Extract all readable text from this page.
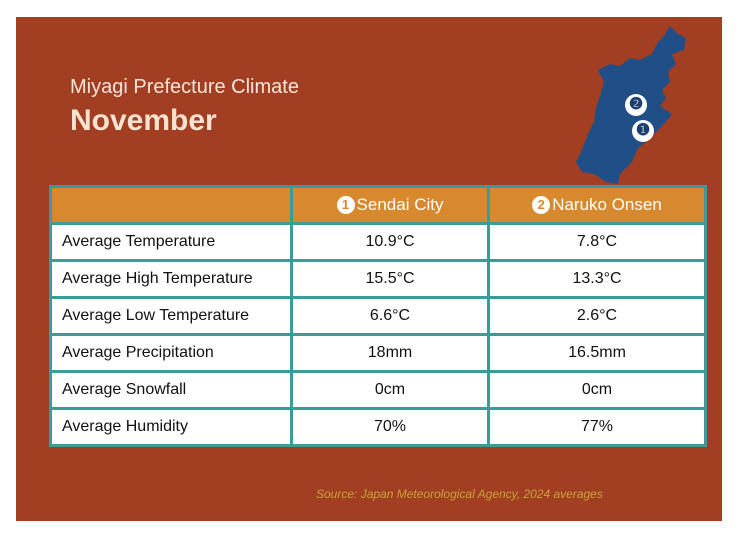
Miyagi Prefecture Climate
November	❷
❶
	1 Sendai City	2 Naruko Onsen
Average Temperature	10.9°C	7.8°C
Average High Temperature	15.5°C	13.3°C
Average Low Temperature	6.6°C	2.6°C
Average Precipitation	18mm	16.5mm
Average Snowfall	0cm	0cm
Average Humidity	70%	77%
Source: Japan Meteorological Agency, 2024 averages
